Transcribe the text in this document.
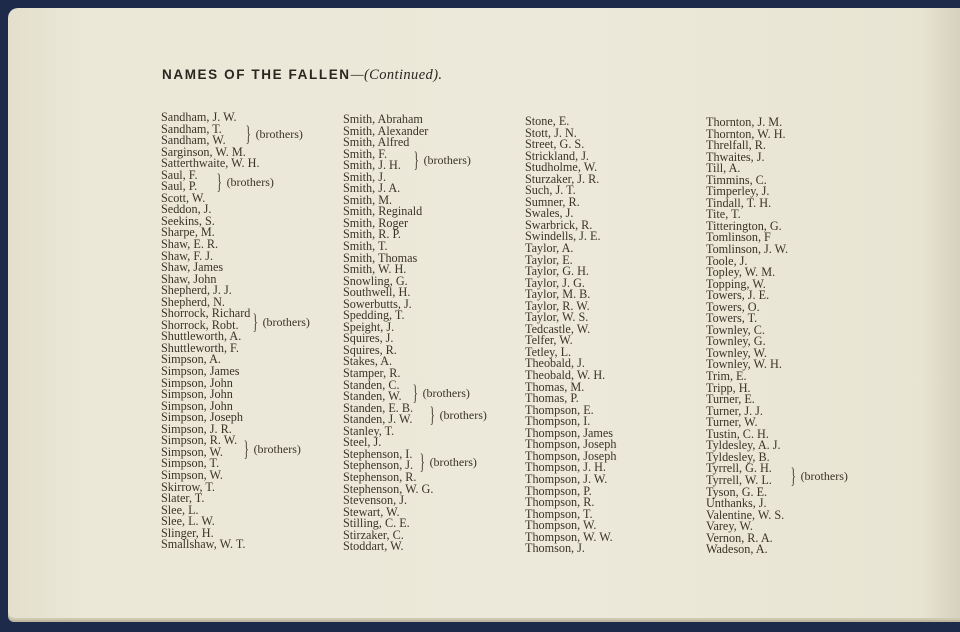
NAMES OF THE FALLEN—(Continued).
Sandham, J. W.
Sandham, T.
Sandham, W.
Sarginson, W. M.
Satterthwaite, W. H.
Saul, F.
Saul, P.
Scott, W.
Seddon, J.
Seekins, S.
Sharpe, M.
Shaw, E. R.
Shaw, F. J.
Shaw, James
Shaw, John
Shepherd, J. J.
Shepherd, N.
Shorrock, Richard
Shorrock, Robt.
Shuttleworth, A.
Shuttleworth, F.
Simpson, A.
Simpson, James
Simpson, John
Simpson, John
Simpson, John
Simpson, Joseph
Simpson, J. R.
Simpson, R. W.
Simpson, W.
Simpson, T.
Simpson, W.
Skirrow, T.
Slater, T.
Slee, L.
Slee, L. W.
Slinger, H.
Smallshaw, W. T.
Smith, Abraham
Smith, Alexander
Smith, Alfred
Smith, F.
Smith, J. H.
Smith, J.
Smith, J. A.
Smith, M.
Smith, Reginald
Smith, Roger
Smith, R. P.
Smith, T.
Smith, Thomas
Smith, W. H.
Snowling, G.
Southwell, H.
Sowerbutts, J.
Spedding, T.
Speight, J.
Squires, J.
Squires, R.
Stakes, A.
Stamper, R.
Standen, C.
Standen, W.
Standen, E. B.
Standen, J. W.
Stanley, T.
Steel, J.
Stephenson, I.
Stephenson, J.
Stephenson, R.
Stephenson, W. G.
Stevenson, J.
Stewart, W.
Stilling, C. E.
Stirzaker, C.
Stoddart, W.
Stone, E.
Stott, J. N.
Street, G. S.
Strickland, J.
Studholme, W.
Sturzaker, J. R.
Such, J. T.
Sumner, R.
Swales, J.
Swarbrick, R.
Swindells, J. E.
Taylor, A.
Taylor, E.
Taylor, G. H.
Taylor, J. G.
Taylor, M. B.
Taylor, R. W.
Taylor, W. S.
Tedcastle, W.
Telfer, W.
Tetley, L.
Theobald, J.
Theobald, W. H.
Thomas, M.
Thomas, P.
Thompson, E.
Thompson, I.
Thompson, James
Thompson, Joseph
Thompson, Joseph
Thompson, J. H.
Thompson, J. W.
Thompson, P.
Thompson, R.
Thompson, T.
Thompson, W.
Thompson, W. W.
Thomson, J.
Thornton, J. M.
Thornton, W. H.
Threlfall, R.
Thwaites, J.
Till, A.
Timmins, C.
Timperley, J.
Tindall, T. H.
Tite, T.
Titterington, G.
Tomlinson, F
Tomlinson, J. W.
Toole, J.
Topley, W. M.
Topping, W.
Towers, J. E.
Towers, O.
Towers, T.
Townley, C.
Townley, G.
Townley, W.
Townley, W. H.
Trim, E.
Tripp, H.
Turner, E.
Turner, J. J.
Turner, W.
Tustin, C. H.
Tyldesley, A. J.
Tyldesley, B.
Tyrrell, G. H.
Tyrrell, W. L.
Tyson, G. E.
Unthanks, J.
Valentine, W. S.
Varey, W.
Vernon, R. A.
Wadeson, A.
} (brothers)
} (brothers)
} (brothers)
} (brothers)
} (brothers)
} (brothers)
} (brothers)
} (brothers)
} (brothers)
